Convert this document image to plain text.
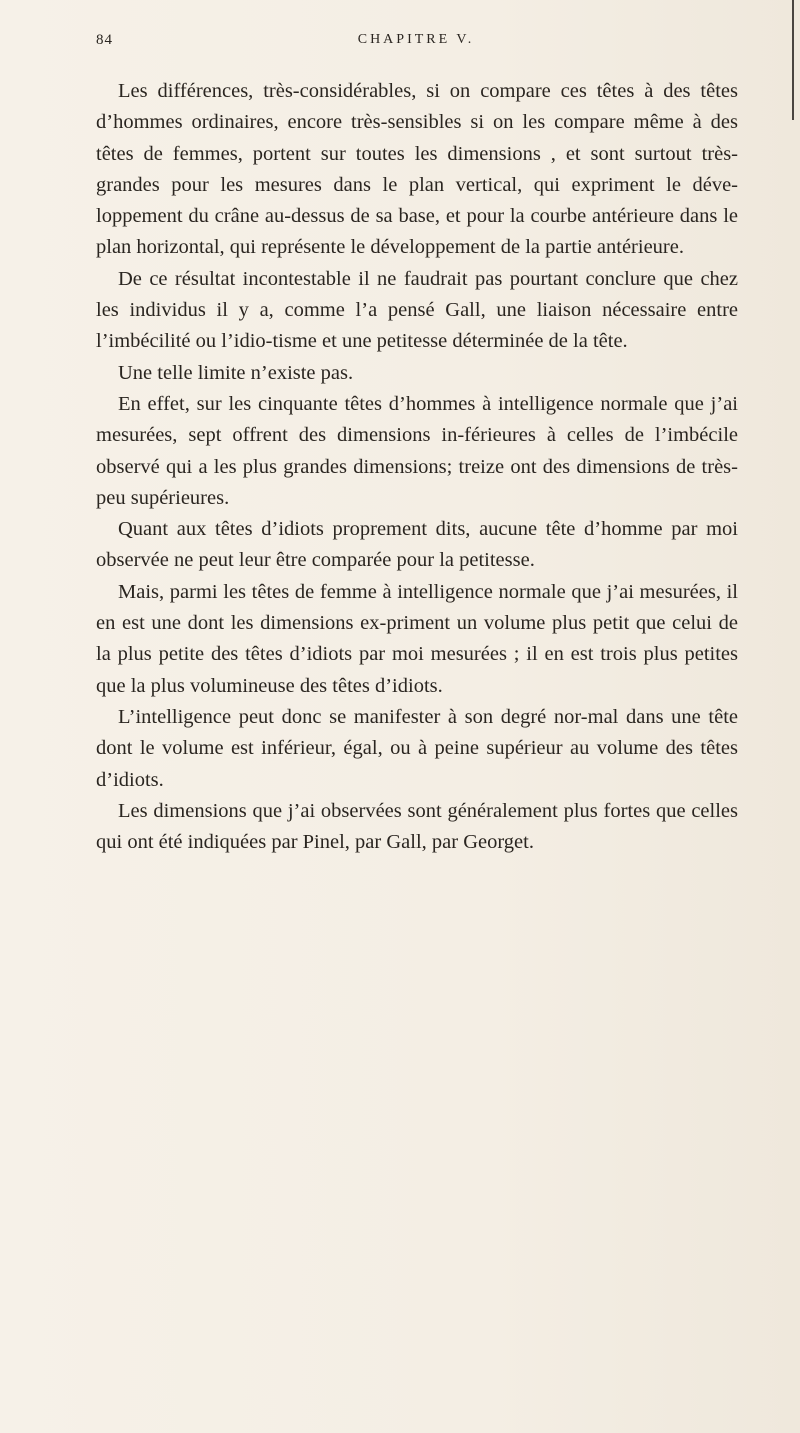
84	CHAPITRE V.

Les différences, très-considérables, si on compare ces têtes à des têtes d’hommes ordinaires, encore très-sensibles si on les compare même à des têtes de femmes, portent sur toutes les dimensions , et sont surtout très-grandes pour les mesures dans le plan vertical, qui expriment le déve-loppement du crâne au-dessus de sa base, et pour la courbe antérieure dans le plan horizontal, qui représente le développement de la partie antérieure.

De ce résultat incontestable il ne faudrait pas pourtant conclure que chez les individus il y a, comme l’a pensé Gall, une liaison nécessaire entre l’imbécilité ou l’idio-tisme et une petitesse déterminée de la tête.

Une telle limite n’existe pas.

En effet, sur les cinquante têtes d’hommes à intelligence normale que j’ai mesurées, sept offrent des dimensions in-férieures à celles de l’imbécile observé qui a les plus grandes dimensions; treize ont des dimensions de très-peu supérieures.

Quant aux têtes d’idiots proprement dits, aucune tête d’homme par moi observée ne peut leur être comparée pour la petitesse.

Mais, parmi les têtes de femme à intelligence normale que j’ai mesurées, il en est une dont les dimensions ex-priment un volume plus petit que celui de la plus petite des têtes d’idiots par moi mesurées ; il en est trois plus petites que la plus volumineuse des têtes d’idiots.

L’intelligence peut donc se manifester à son degré nor-mal dans une tête dont le volume est inférieur, égal, ou à peine supérieur au volume des têtes d’idiots.

Les dimensions que j’ai observées sont généralement plus fortes que celles qui ont été indiquées par Pinel, par Gall, par Georget.
